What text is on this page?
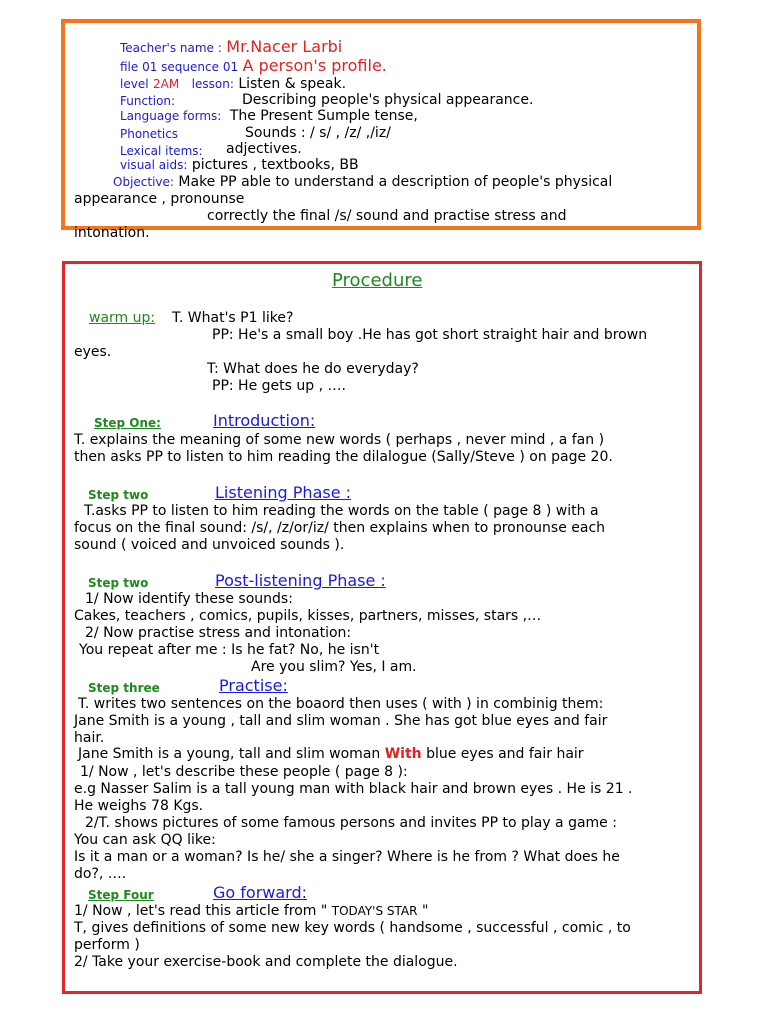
Teacher's name : Mr.Nacer Larbi
file 01 sequence 01 A person's profile.
level 2AM lesson: Listen & speak.
Function:	Describing people's physical appearance.
Language forms: The Present Sumple tense,
Phonetics	Sounds : / s/ , /z/ ,/iz/
Lexical items: adjectives.
visual aids: pictures , textbooks, BB
Objective: Make PP able to understand a description of people's physical
appearance , pronounse
correctly the final /s/ sound and practise stress and
intonation.
Procedure
warm up: T. What's P1 like?
PP: He's a small boy .He has got short straight hair and brown
eyes.
T: What does he do everyday?
PP: He gets up , ….
Step One:	Introduction:
T. explains the meaning of some new words ( perhaps , never mind , a fan )
then asks PP to listen to him reading the dilalogue (Sally/Steve ) on page 20.
Step two	Listening Phase :
T.asks PP to listen to him reading the words on the table ( page 8 ) with a
focus on the final sound: /s/, /z/or/iz/ then explains when to pronounse each
sound ( voiced and unvoiced sounds ).
Step two	Post-listening Phase :
1/ Now identify these sounds:
Cakes, teachers , comics, pupils, kisses, partners, misses, stars ,…
2/ Now practise stress and intonation:
You repeat after me : Is he fat? No, he isn't
Are you slim? Yes, I am.
Step three	Practise:
T. writes two sentences on the boaord then uses ( with ) in combinig them:
Jane Smith is a young , tall and slim woman . She has got blue eyes and fair
hair.
Jane Smith is a young, tall and slim woman With blue eyes and fair hair
1/ Now , let's describe these people ( page 8 ):
e.g Nasser Salim is a tall young man with black hair and brown eyes . He is 21 .
He weighs 78 Kgs.
2/T. shows pictures of some famous persons and invites PP to play a game :
You can ask QQ like:
Is it a man or a woman? Is he/ she a singer? Where is he from ? What does he
do?, ….
Step Four	Go forward:
1/ Now , let's read this article from " TODAY'S STAR "
T, gives definitions of some new key words ( handsome , successful , comic , to
perform )
2/ Take your exercise-book and complete the dialogue.
